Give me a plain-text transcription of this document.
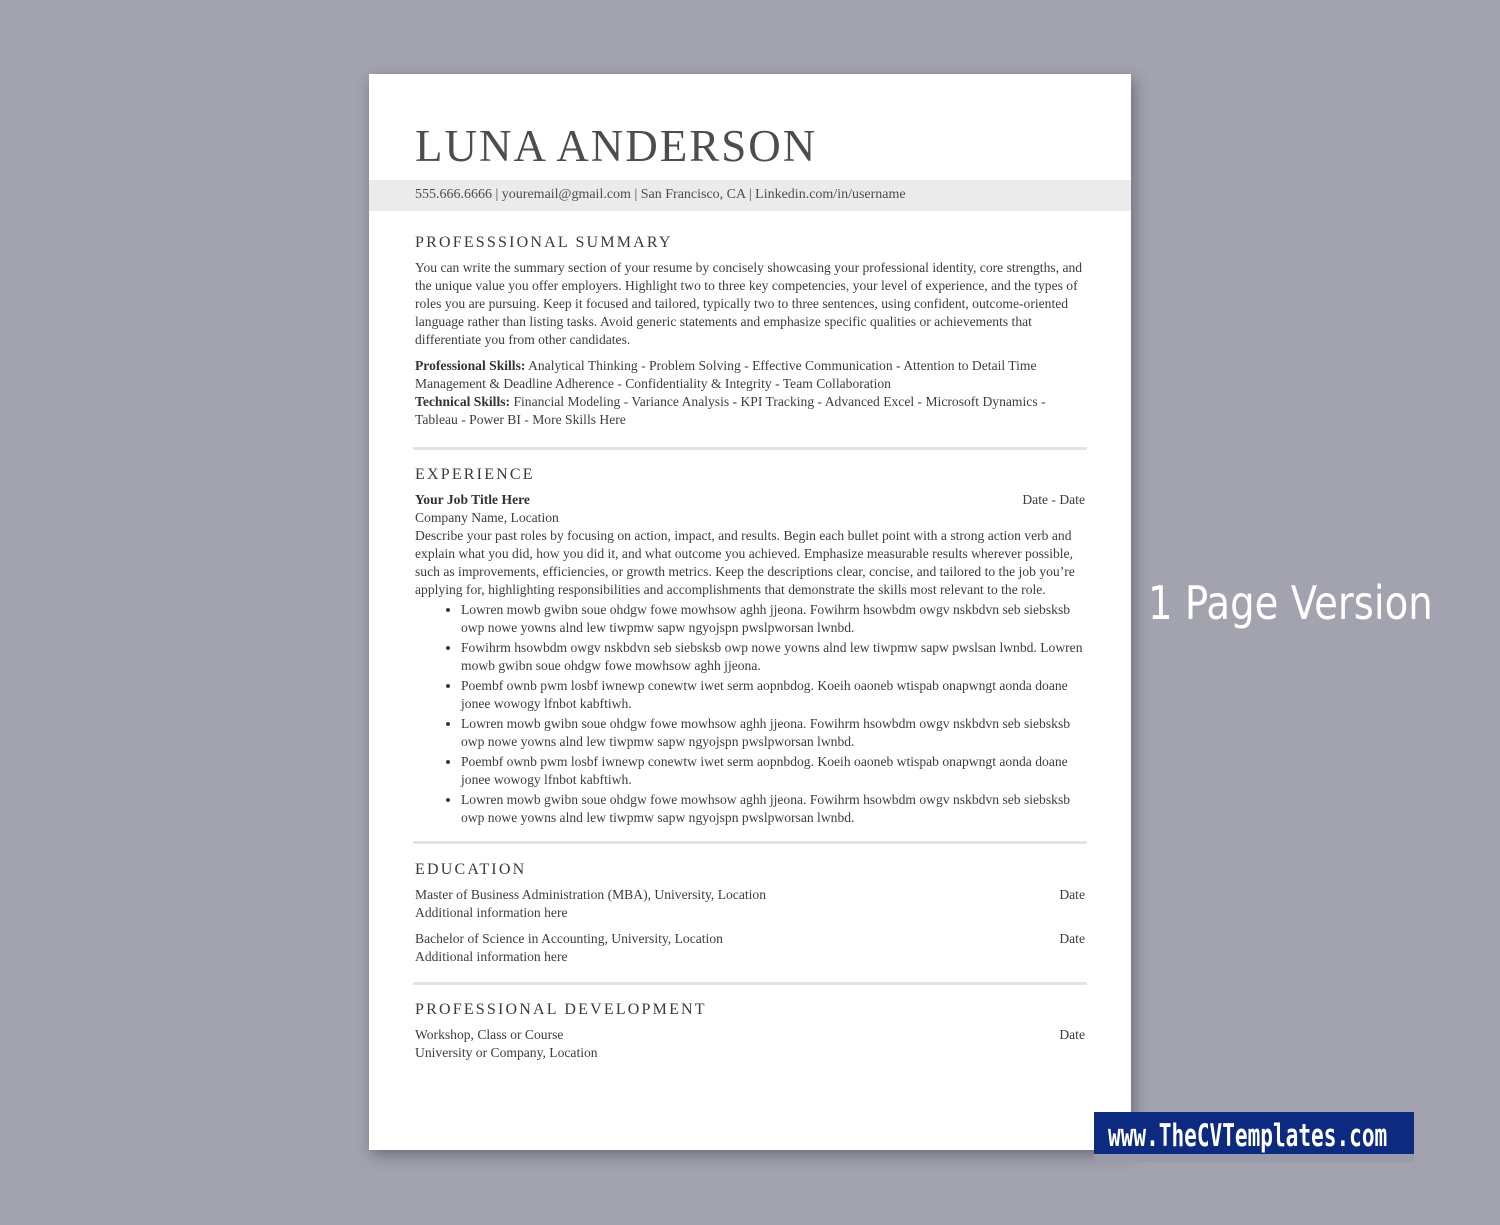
LUNA ANDERSON
555.666.6666 | youremail@gmail.com | San Francisco, CA | Linkedin.com/in/username
PROFESSSIONAL SUMMARY

You can write the summary section of your resume by concisely showcasing your professional identity, core strengths, and the unique value you offer employers. Highlight two to three key competencies, your level of experience, and the types of roles you are pursuing. Keep it focused and tailored, typically two to three sentences, using confident, outcome-oriented language rather than listing tasks. Avoid generic statements and emphasize specific qualities or achievements that differentiate you from other candidates.

Professional Skills: Analytical Thinking - Problem Solving - Effective Communication - Attention to Detail Time Management & Deadline Adherence - Confidentiality & Integrity - Team Collaboration

Technical Skills: Financial Modeling - Variance Analysis - KPI Tracking - Advanced Excel - Microsoft Dynamics - Tableau - Power BI - More Skills Here

EXPERIENCE
Your Job Title Here	Date - Date

Company Name, Location

Describe your past roles by focusing on action, impact, and results. Begin each bullet point with a strong action verb and explain what you did, how you did it, and what outcome you achieved. Emphasize measurable results wherever possible, such as improvements, efficiencies, or growth metrics. Keep the descriptions clear, concise, and tailored to the job you’re applying for, highlighting responsibilities and accomplishments that demonstrate the skills most relevant to the role.

• Lowren mowb gwibn soue ohdgw fowe mowhsow aghh jjeona. Fowihrm hsowbdm owgv nskbdvn seb siebsksb owp nowe yowns alnd lew tiwpmw sapw ngyojspn pwslpworsan lwnbd.
• Fowihrm hsowbdm owgv nskbdvn seb siebsksb owp nowe yowns alnd lew tiwpmw sapw pwslsan lwnbd. Lowren mowb gwibn soue ohdgw fowe mowhsow aghh jjeona.
• Poembf ownb pwm losbf iwnewp conewtw iwet serm aopnbdog. Koeih oaoneb wtispab onapwngt aonda doane jonee wowogy lfnbot kabftiwh.
• Lowren mowb gwibn soue ohdgw fowe mowhsow aghh jjeona. Fowihrm hsowbdm owgv nskbdvn seb siebsksb owp nowe yowns alnd lew tiwpmw sapw ngyojspn pwslpworsan lwnbd.
• Poembf ownb pwm losbf iwnewp conewtw iwet serm aopnbdog. Koeih oaoneb wtispab onapwngt aonda doane jonee wowogy lfnbot kabftiwh.
• Lowren mowb gwibn soue ohdgw fowe mowhsow aghh jjeona. Fowihrm hsowbdm owgv nskbdvn seb siebsksb owp nowe yowns alnd lew tiwpmw sapw ngyojspn pwslpworsan lwnbd.
EDUCATION
Master of Business Administration (MBA), University, Location	Date

Additional information here

Bachelor of Science in Accounting, University, Location	Date

Additional information here

PROFESSIONAL DEVELOPMENT
Workshop, Class or Course	Date

University or Company, Location

1 Page Version
www.TheCVTemplates.com
